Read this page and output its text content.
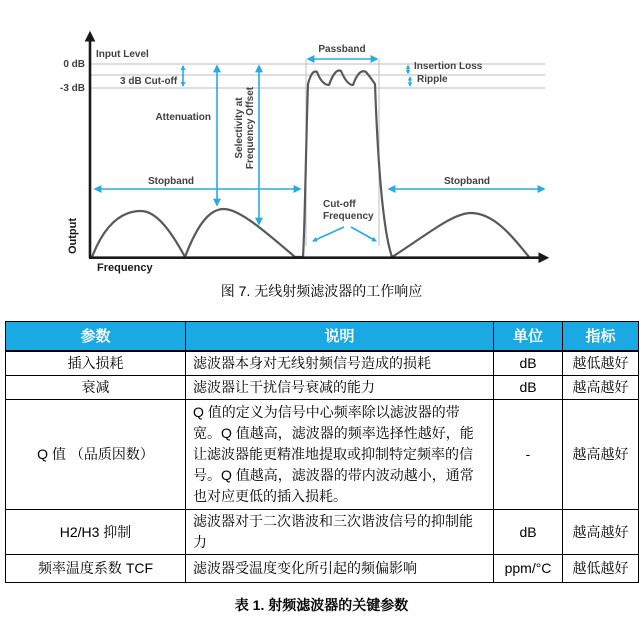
0 dB
-3 dB
Input Level
3 dB Cut-off
Attenuation Selectivity at Frequency Offset
Passband
Insertion Loss
Ripple
Stopband	Stopband
Cut-off
Frequency
Output
Frequency
图 7. 无线射频滤波器的工作响应
参数	说明	单位	指标
插入损耗	滤波器本身对无线射频信号造成的损耗	dB	越低越好
衰减	滤波器让干扰信号衰减的能力	dB	越高越好
Q 值 （品质因数）	Q 值的定义为信号中心频率除以滤波器的带宽。Q 值越高，滤波器的频率选择性越好，能让滤波器能更精准地提取或抑制特定频率的信号。Q 值越高，滤波器的带内波动越小，通常也对应更低的插入损耗。	-	越高越好
H2/H3 抑制	滤波器对于二次谐波和三次谐波信号的抑制能力	dB	越高越好
频率温度系数 TCF	滤波器受温度变化所引起的频偏影响	ppm/°C	越低越好
表 1. 射频滤波器的关键参数
